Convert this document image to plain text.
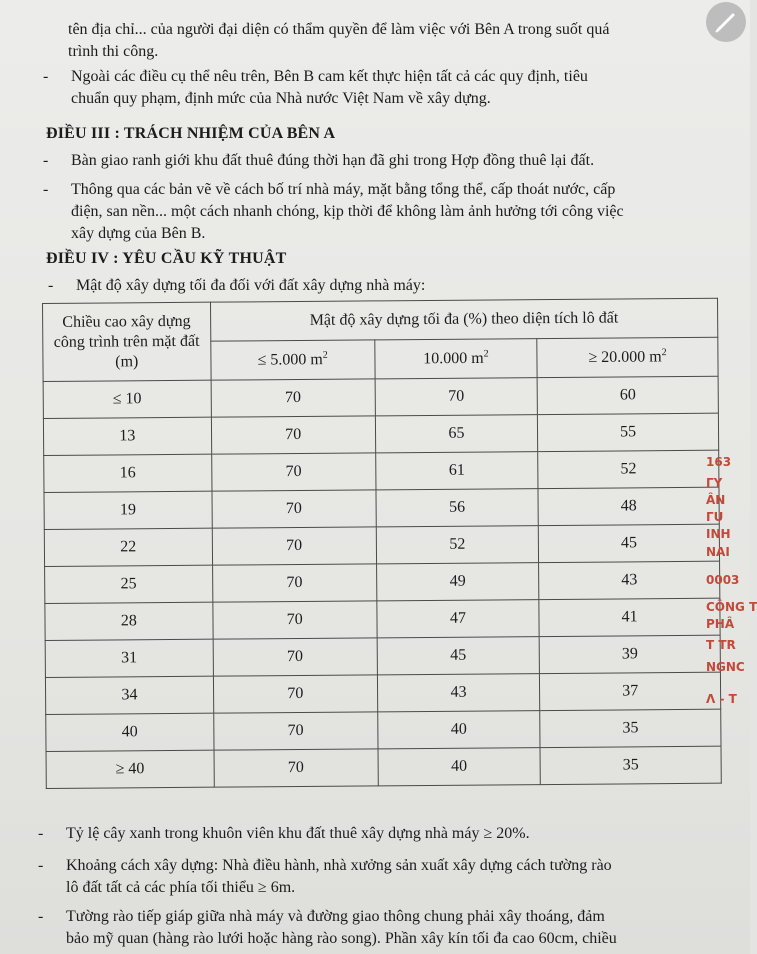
tên địa chỉ... của người đại diện có thẩm quyền để làm việc với Bên A trong suốt quá
trình thi công.
- Ngoài các điều cụ thể nêu trên, Bên B cam kết thực hiện tất cả các quy định, tiêu
chuẩn quy phạm, định mức của Nhà nước Việt Nam về xây dựng.
ĐIỀU III : TRÁCH NHIỆM CỦA BÊN A
- Bàn giao ranh giới khu đất thuê đúng thời hạn đã ghi trong Hợp đồng thuê lại đất.
- Thông qua các bản vẽ về cách bố trí nhà máy, mặt bằng tổng thể, cấp thoát nước, cấp
điện, san nền... một cách nhanh chóng, kịp thời để không làm ảnh hưởng tới công việc
xây dựng của Bên B.
ĐIỀU IV : YÊU CẦU KỸ THUẬT
- Mật độ xây dựng tối đa đối với đất xây dựng nhà máy:
Chiều cao xây dựng công trình trên mặt đất (m)	Mật độ xây dựng tối đa (%) theo diện tích lô đất		
	≤ 5.000 $m^2$	10.000 $m^2$	≥ 20.000 $m^2$
≤ 10	70	70	60
13	70	65	55
16	70	61	52
19	70	56	48
22	70	52	45
25	70	49	43
28	70	47	41
31	70	45	39
34	70	43	37
40	70	40	35
≥ 40	70	40	35
163
ΓY
ÂN
ΓU
INH
NAI
0003
CÔNG T
PHÂ
T TR
NGNC
Λ - Τ
- Tỷ lệ cây xanh trong khuôn viên khu đất thuê xây dựng nhà máy ≥ 20%.
- Khoảng cách xây dựng: Nhà điều hành, nhà xưởng sản xuất xây dựng cách tường rào
lô đất tất cả các phía tối thiểu ≥ 6m.
- Tường rào tiếp giáp giữa nhà máy và đường giao thông chung phải xây thoáng, đảm
bảo mỹ quan (hàng rào lưới hoặc hàng rào song). Phần xây kín tối đa cao 60cm, chiều
